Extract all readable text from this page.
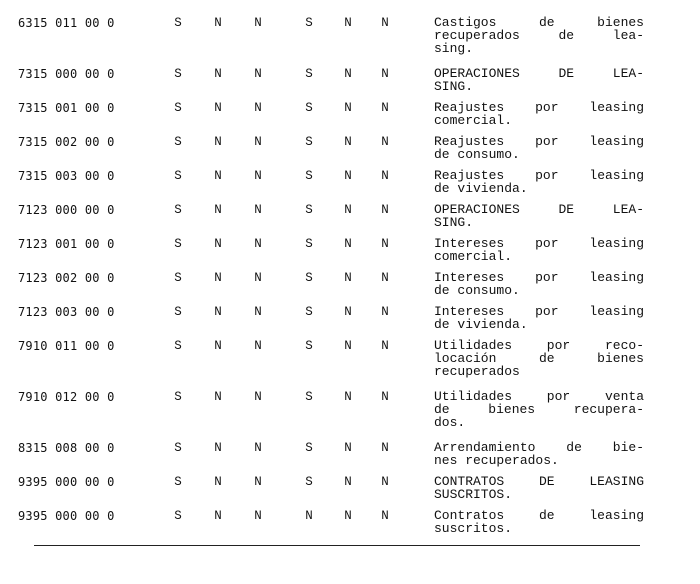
6315 011 00 0	S	N	N	S	N	N	Castigos de bienes
recuperados de lea-
sing.
7315 000 00 0	S	N	N	S	N	N	OPERACIONES DE LEA-
SING.
7315 001 00 0	S	N	N	S	N	N	Reajustes por leasing
comercial.
7315 002 00 0	S	N	N	S	N	N	Reajustes por leasing
de consumo.
7315 003 00 0	S	N	N	S	N	N	Reajustes por leasing
de vivienda.
7123 000 00 0	S	N	N	S	N	N	OPERACIONES DE LEA-
SING.
7123 001 00 0	S	N	N	S	N	N	Intereses por leasing
comercial.
7123 002 00 0	S	N	N	S	N	N	Intereses por leasing
de consumo.
7123 003 00 0	S	N	N	S	N	N	Intereses por leasing
de vivienda.
7910 011 00 0	S	N	N	S	N	N	Utilidades por reco-
locación de bienes
recuperados
7910 012 00 0	S	N	N	S	N	N	Utilidades por venta
de bienes recupera-
dos.
8315 008 00 0	S	N	N	S	N	N	Arrendamiento de bie-
nes recuperados.
9395 000 00 0	S	N	N	S	N	N	CONTRATOS DE LEASING
SUSCRITOS.
9395 000 00 0	S	N	N	N	N	N	Contratos de leasing
suscritos.
